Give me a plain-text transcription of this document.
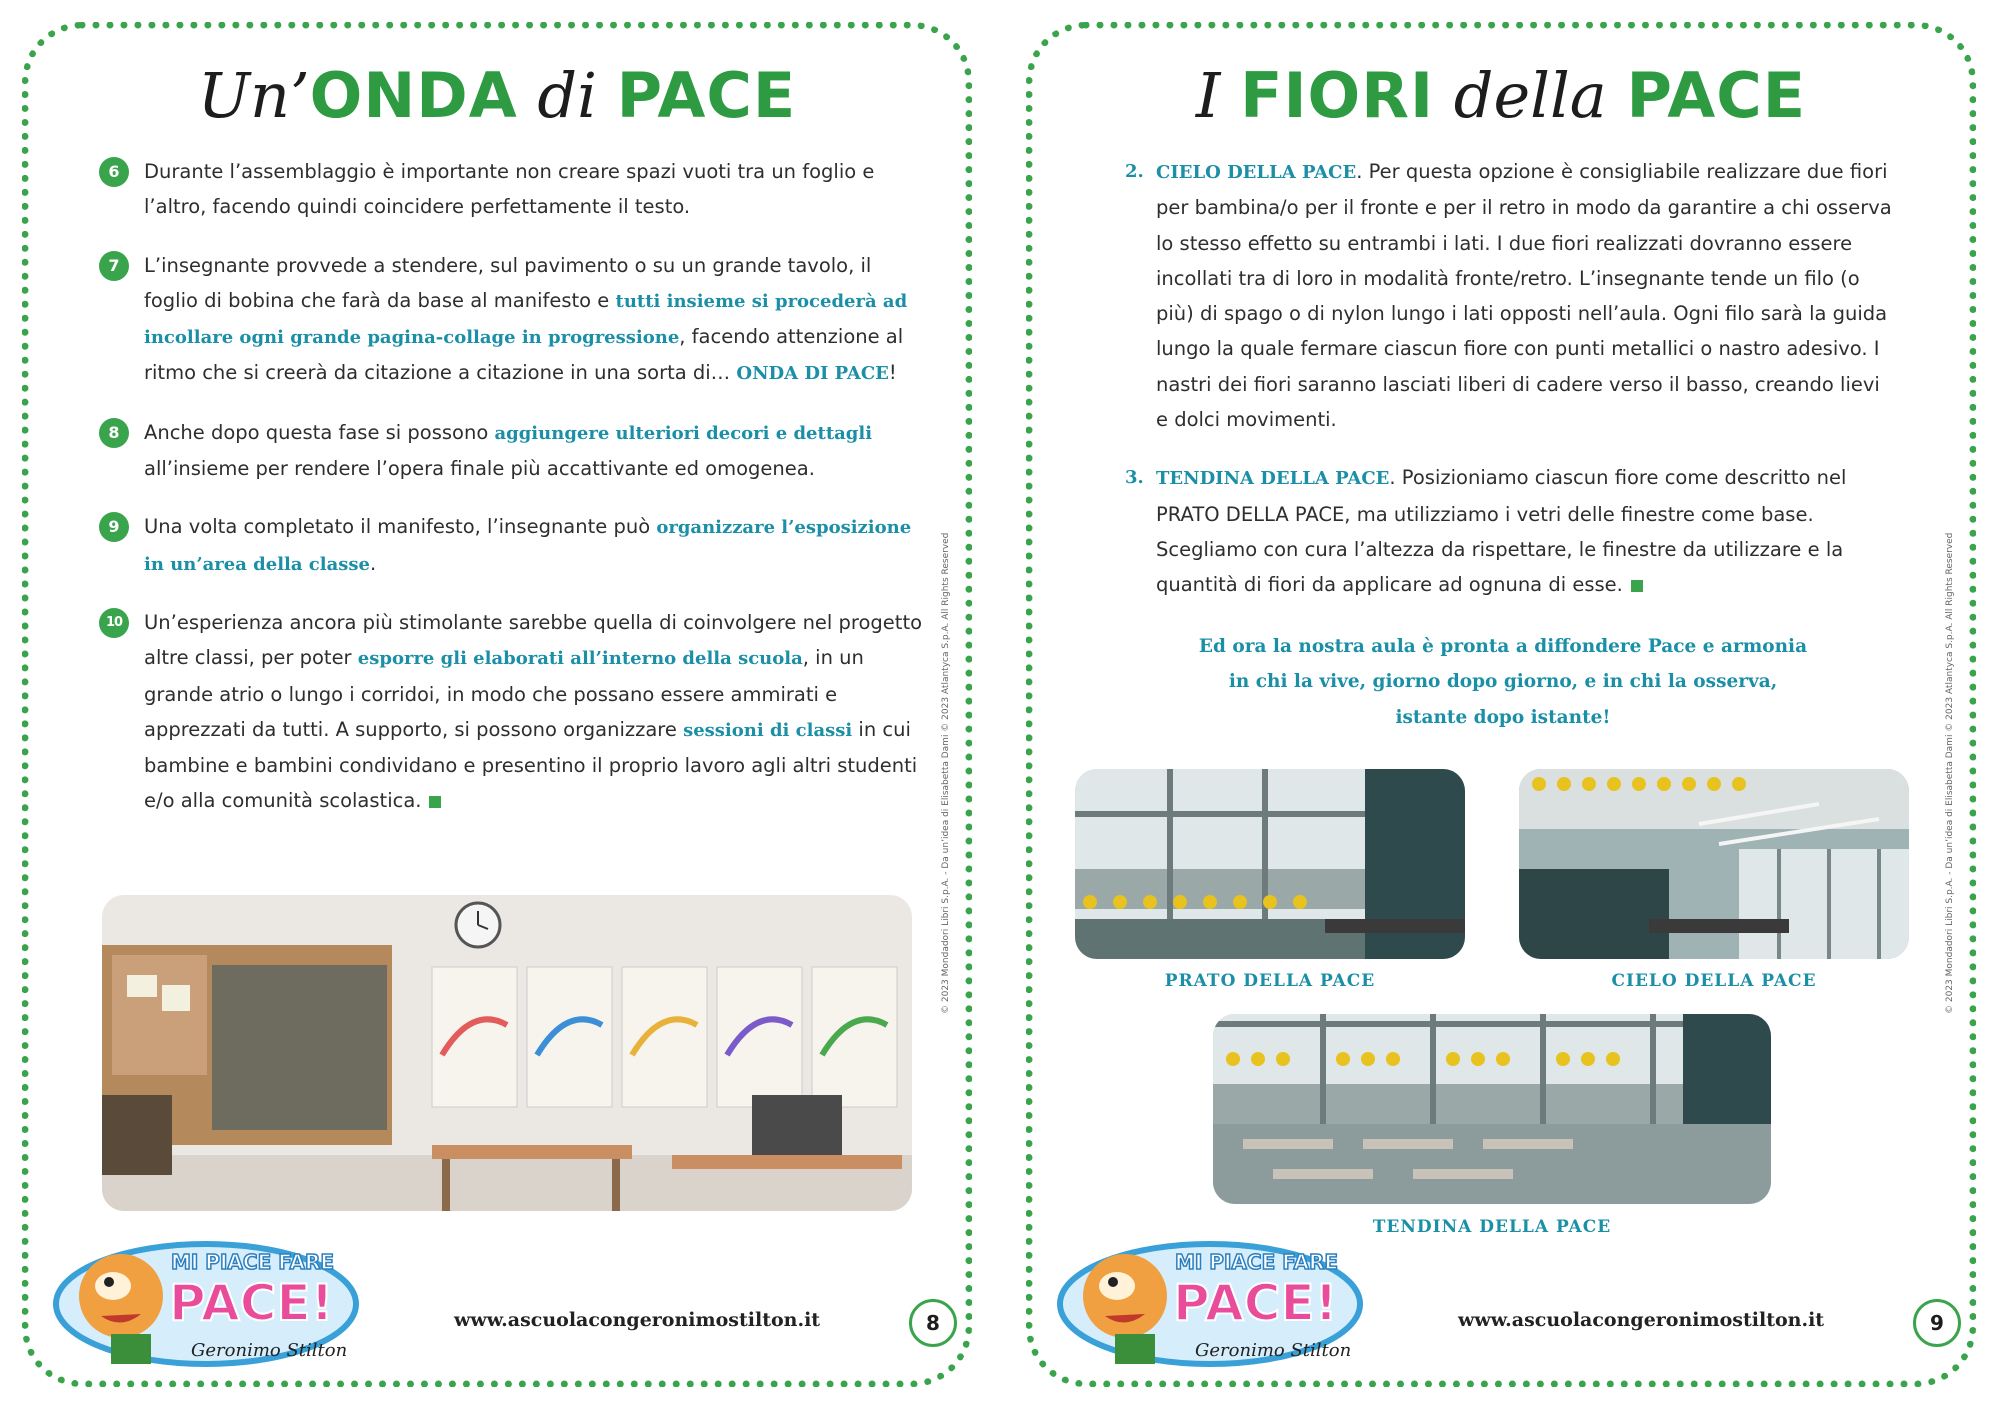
Un’ONDA di PACE
6	Durante l’assemblaggio è importante non creare spazi vuoti tra un foglio e l’altro, facendo quindi coincidere perfettamente il testo.
7	L’insegnante provvede a stendere, sul pavimento o su un grande tavolo, il foglio di bobina che farà da base al manifesto e tutti insieme si procederà ad incollare ogni grande pagina-collage in progressione, facendo attenzione al ritmo che si creerà da citazione a citazione in una sorta di… ONDA DI PACE!
8	Anche dopo questa fase si possono aggiungere ulteriori decori e dettagli all’insieme per rendere l’opera finale più accattivante ed omogenea.
9	Una volta completato il manifesto, l’insegnante può organizzare l’esposizione in un’area della classe.
10	Un’esperienza ancora più stimolante sarebbe quella di coinvolgere nel progetto altre classi, per poter esporre gli elaborati all’interno della scuola, in un grande atrio o lungo i corridoi, in modo che possano essere ammirati e apprezzati da tutti. A supporto, si possono organizzare sessioni di classi in cui bambine e bambini condividano e presentino il proprio lavoro agli altri studenti e/o alla comunità scolastica.	© 2023 Mondadori Libri S.p.A. - Da un’idea di Elisabetta Dami © 2023 Atlantyca S.p.A. All Rights Reserved
MI PIACE FARE
PACE!
Geronimo Stilton
www.ascuolacongeronimostilton.it	8
I FIORI della PACE
2. CIELO DELLA PACE. Per questa opzione è consigliabile realizzare due fiori per bambina/o per il fronte e per il retro in modo da garantire a chi osserva lo stesso effetto su entrambi i lati. I due fiori realizzati dovranno essere incollati tra di loro in modalità fronte/retro. L’insegnante tende un filo (o più) di spago o di nylon lungo i lati opposti nell’aula. Ogni filo sarà la guida lungo la quale fermare ciascun fiore con punti metallici o nastro adesivo. I nastri dei fiori saranno lasciati liberi di cadere verso il basso, creando lievi e dolci movimenti.
3. TENDINA DELLA PACE. Posizioniamo ciascun fiore come descritto nel PRATO DELLA PACE, ma utilizziamo i vetri delle finestre come base. Scegliamo con cura l’altezza da rispettare, le finestre da utilizzare e la quantità di fiori da applicare ad ognuna di esse.
Ed ora la nostra aula è pronta a diffondere Pace e armonia
in chi la vive, giorno dopo giorno, e in chi la osserva,
istante dopo istante!
PRATO DELLA PACE	CIELO DELLA PACE
TENDINA DELLA PACE
© 2023 Mondadori Libri S.p.A. - Da un’idea di Elisabetta Dami © 2023 Atlantyca S.p.A. All Rights Reserved
MI PIACE FARE
PACE!
Geronimo Stilton
www.ascuolacongeronimostilton.it	9
